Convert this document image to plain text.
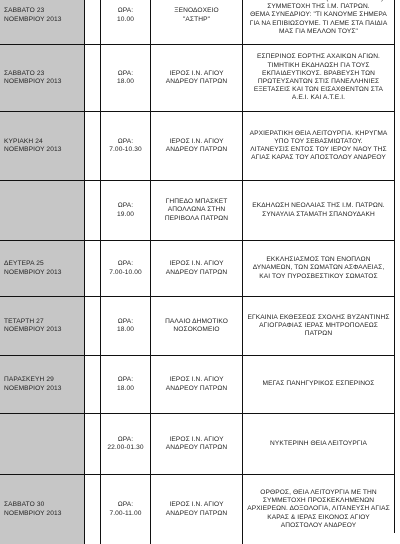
ΣΑΒΒΑΤΟ 23
ΝΟΕΜΒΡΙΟΥ 2013
ΩΡΑ:
10.00
ΞΕΝΟΔΟΧΕΙΟ
"ΑΣΤΗΡ"
ΣΥΜΜΕΤΟΧΗ ΤΗΣ Ι.Μ. ΠΑΤΡΩΝ.
ΘΕΜΑ ΣΥΝΕΔΡΙΟΥ: "ΤΙ ΚΑΝΟΥΜΕ ΣΗΜΕΡΑ
ΓΙΑ ΝΑ ΕΠΙΒΙΩΣΟΥΜΕ. ΤΙ ΛΕΜΕ ΣΤΑ ΠΑΙΔΙΑ
ΜΑΣ ΓΙΑ ΜΕΛΛΟΝ ΤΟΥΣ"
ΣΑΒΒΑΤΟ 23
ΝΟΕΜΒΡΙΟΥ 2013
ΩΡΑ:
18.00
ΙΕΡΟΣ Ι.Ν. ΑΓΙΟΥ
ΑΝΔΡΕΟΥ ΠΑΤΡΩΝ
ΕΣΠΕΡΙΝΟΣ ΕΟΡΤΗΣ ΑΧΑΙΚΩΝ ΑΓΙΩΝ.
ΤΙΜΗΤΙΚΗ ΕΚΔΗΛΩΣΗ ΓΙΑ ΤΟΥΣ
ΕΚΠΑΙΔΕΥΤΙΚΟΥΣ. ΒΡΑΒΕΥΣΗ ΤΩΝ
ΠΡΩΤΕΥΣΑΝΤΩΝ ΣΤΙΣ ΠΑΝΕΛΛΗΝΙΕΣ
ΕΞΕΤΑΣΕΙΣ ΚΑΙ ΤΩΝ ΕΙΣΑΧΘΕΝΤΩΝ ΣΤΑ
Α.Ε.Ι. ΚΑΙ Α.Τ.Ε.Ι.
ΚΥΡΙΑΚΗ 24
ΝΟΕΜΒΡΙΟΥ 2013
ΩΡΑ:
7.00-10.30
ΙΕΡΟΣ Ι.Ν. ΑΓΙΟΥ
ΑΝΔΡΕΟΥ ΠΑΤΡΩΝ
ΑΡΧΙΕΡΑΤΙΚΗ ΘΕΙΑ ΛΕΙΤΟΥΡΓΙΑ. ΚΗΡΥΓΜΑ
ΥΠΟ ΤΟΥ ΣΕΒΑΣΜΙΩΤΑΤΟΥ.
ΛΙΤΑΝΕΥΣΙΣ ΕΝΤΟΣ ΤΟΥ ΙΕΡΟΥ ΝΑΟΥ ΤΗΣ
ΑΓΙΑΣ ΚΑΡΑΣ ΤΟΥ ΑΠΟΣΤΟΛΟΥ ΑΝΔΡΕΟΥ
ΩΡΑ:
19.00
ΓΗΠΕΔΟ ΜΠΑΣΚΕΤ
ΑΠΟΛΛΩΝΑ ΣΤΗΝ
ΠΕΡΙΒΟΛΑ ΠΑΤΡΩΝ
ΕΚΔΗΛΩΣΗ ΝΕΟΛΑΙΑΣ ΤΗΣ Ι.Μ. ΠΑΤΡΩΝ.
ΣΥΝΑΥΛΙΑ ΣΤΑΜΑΤΗ ΣΠΑΝΟΥΔΑΚΗ
ΔΕΥΤΕΡΑ 25
ΝΟΕΜΒΡΙΟΥ 2013
ΩΡΑ:
7.00-10.00
ΙΕΡΟΣ Ι.Ν. ΑΓΙΟΥ
ΑΝΔΡΕΟΥ ΠΑΤΡΩΝ
ΕΚΚΛΗΣΙΑΣΜΟΣ ΤΩΝ ΕΝΟΠΛΩΝ
ΔΥΝΑΜΕΩΝ, ΤΩΝ ΣΩΜΑΤΩΝ ΑΣΦΑΛΕΙΑΣ,
ΚΑΙ ΤΟΥ ΠΥΡΟΣΒΕΣΤΙΚΟΥ ΣΩΜΑΤΟΣ
ΤΕΤΑΡΤΗ 27
ΝΟΕΜΒΡΙΟΥ 2013
ΩΡΑ:
18.00
ΠΑΛΑΙΟ ΔΗΜΟΤΙΚΟ
ΝΟΣΟΚΟΜΕΙΟ
ΕΓΚΑΙΝΙΑ ΕΚΘΕΣΕΩΣ ΣΧΟΛΗΣ ΒΥΖΑΝΤΙΝΗΣ
ΑΓΙΟΓΡΑΦΙΑΣ ΙΕΡΑΣ ΜΗΤΡΟΠΟΛΕΩΣ
ΠΑΤΡΩΝ
ΠΑΡΑΣΚΕΥΗ 29
ΝΟΕΜΒΡΙΟΥ 2013
ΩΡΑ:
18.00
ΙΕΡΟΣ Ι.Ν. ΑΓΙΟΥ
ΑΝΔΡΕΟΥ ΠΑΤΡΩΝ
ΜΕΓΑΣ ΠΑΝΗΓΥΡΙΚΟΣ ΕΣΠΕΡΙΝΟΣ
ΩΡΑ:
22.00-01.30
ΙΕΡΟΣ Ι.Ν. ΑΓΙΟΥ
ΑΝΔΡΕΟΥ ΠΑΤΡΩΝ
ΝΥΚΤΕΡΙΝΗ ΘΕΙΑ ΛΕΙΤΟΥΡΓΙΑ
ΣΑΒΒΑΤΟ 30
ΝΟΕΜΒΡΙΟΥ 2013
ΩΡΑ:
7.00-11.00
ΙΕΡΟΣ Ι.Ν. ΑΓΙΟΥ
ΑΝΔΡΕΟΥ ΠΑΤΡΩΝ
ΟΡΘΡΟΣ, ΘΕΙΑ ΛΕΙΤΟΥΡΓΙΑ ΜΕ ΤΗΝ
ΣΥΜΜΕΤΟΧΗ ΠΡΟΣΚΕΚΛΗΜΕΝΩΝ
ΑΡΧΙΕΡΕΩΝ. ΔΟΞΟΛΟΓΙΑ, ΛΙΤΑΝΕΥΣΗ ΑΓΙΑΣ
ΚΑΡΑΣ & ΙΕΡΑΣ ΕΙΚΟΝΟΣ ΑΓΙΟΥ
ΑΠΟΣΤΟΛΟΥ ΑΝΔΡΕΟΥ
